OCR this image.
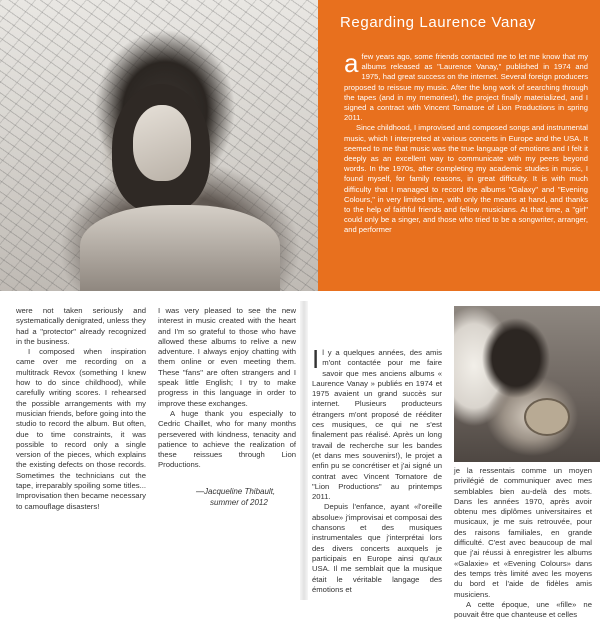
Regarding Laurence Vanay

afew years ago, some friends contacted me to let me know that my albums released as "Laurence Vanay," published in 1974 and 1975, had great success on the internet. Several foreign producers proposed to reissue my music. After the long work of searching through the tapes (and in my memories!), the project finally materialized, and I signed a contract with Vincent Tornatore of Lion Productions in spring 2011.

Since childhood, I improvised and composed songs and instrumental music, which I interpreted at various concerts in Europe and the USA. It seemed to me that music was the true language of emotions and I felt it deeply as an excellent way to communicate with my peers beyond words. In the 1970s, after completing my academic studies in music, I found myself, for family reasons, in great difficulty. It is with much difficulty that I managed to record the albums "Galaxy" and "Evening Colours," in very limited time, with only the means at hand, and thanks to the help of faithful friends and fellow musicians. At that time, a "girl" could only be a singer, and those who tried to be a songwriter, arranger, and performer

were not taken seriously and systematically denigrated, unless they had a "protector" already recognized in the business.

I composed when inspiration came over me recording on a multitrack Revox (something I knew how to do since childhood), while carefully writing scores. I rehearsed the possible arrangements with my musician friends, before going into the studio to record the album. But often, due to time constraints, it was possible to record only a single version of the pieces, which explains the existing defects on those records. Sometimes the technicians cut the tape, irreparably spoiling some titles... Improvisation then became necessary to camouflage disasters!

I was very pleased to see the new interest in music created with the heart and I'm so grateful to those who have allowed these albums to relive a new adventure. I always enjoy chatting with them online or even meeting them. These "fans" are often strangers and I speak little English; I try to make progress in this language in order to improve these exchanges.

A huge thank you especially to Cedric Chaillet, who for many months persevered with kindness, tenacity and patience to achieve the realization of these reissues through Lion Productions.

—Jacqueline Thibault,
summer of 2012

Il y a quelques années, des amis m'ont contactée pour me faire savoir que mes anciens albums « Laurence Vanay » publiés en 1974 et 1975 avaient un grand succès sur internet. Plusieurs producteurs étrangers m'ont proposé de rééditer ces musiques, ce qui ne s'est finalement pas réalisé. Après un long travail de recherche sur les bandes (et dans mes souvenirs!), le projet a enfin pu se concrétiser et j'ai signé un contrat avec Vincent Tornatore de "Lion Productions" au printemps 2011.

Depuis l'enfance, ayant «l'oreille absolue» j'improvisai et composai des chansons et des musiques instrumentales que j'interprétai lors des divers concerts auxquels je participais en Europe ainsi qu'aux USA. Il me semblait que la musique était le véritable langage des émotions et

je la ressentais comme un moyen privilégié de communiquer avec mes semblables bien au-delà des mots. Dans les années 1970, après avoir obtenu mes diplômes universitaires et musicaux, je me suis retrouvée, pour des raisons familiales, en grande difficulté. C'est avec beaucoup de mal que j'ai réussi à enregistrer les albums «Galaxie» et «Evening Colours» dans des temps très limité avec les moyens du bord et l'aide de fidèles amis musiciens.

A cette époque, une «fille» ne pouvait être que chanteuse et celles
